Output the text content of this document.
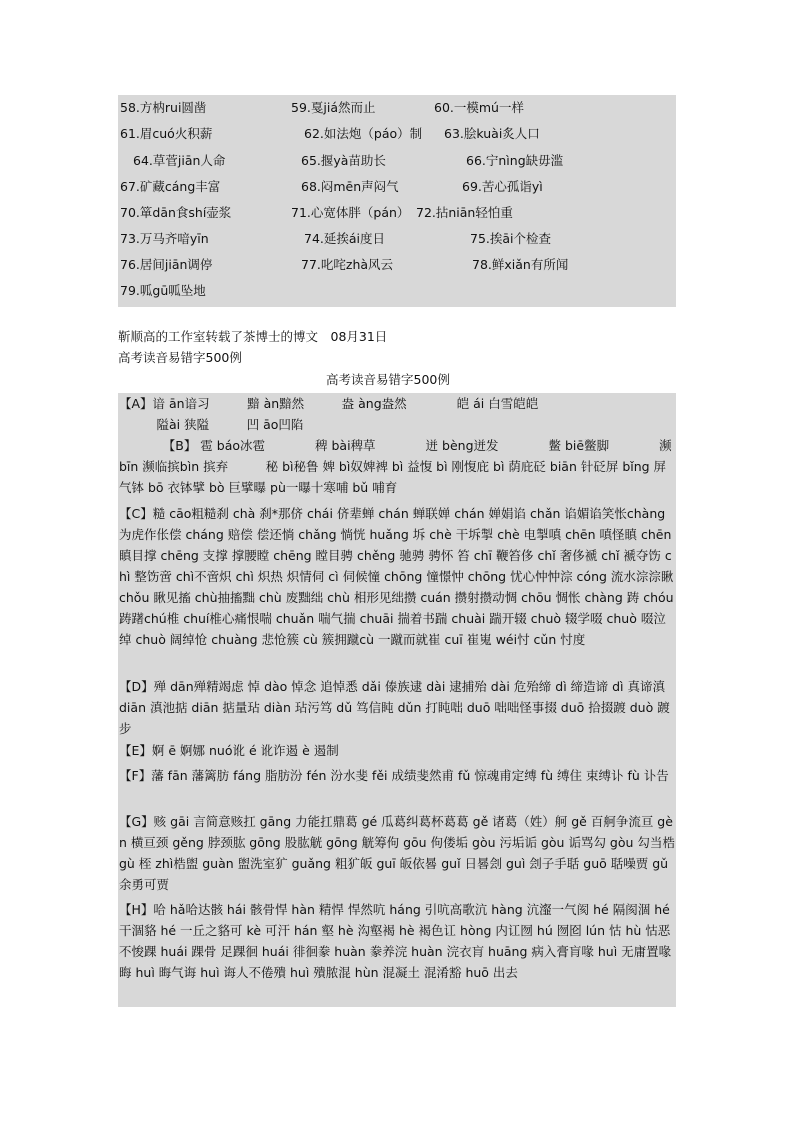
58.方枘rui圆凿	59.戛jiá然而止	60.一模mú一样
61.眉cuó火积薪	62.如法炮（páo）制 63.脍kuài炙人口
64.草菅jiān人命	65.揠yà苗助长	66.宁nìng缺毋滥
67.矿藏cáng丰富	68.闷mēn声闷气	69.苦心孤诣yì
70.箪dān食shí壶浆	71.心宽体胖（pán） 72.拈niān轻怕重
73.万马齐喑yīn	74.延挨ái度日	75.挨āi个检查
76.居间jiān调停	77.叱咤zhà风云	78.鲜xiǎn有所闻
79.呱gū呱坠地
靳顺高的工作室转载了茶博士的博文　08月31日
高考读音易错字500例
高考读音易错字500例
【A】谙 ān谙习　　　黯 àn黯然　　　盎 àng盎然　　　　皑 ái 白雪皑皑
　　　隘ài 狭隘　　　凹 āo凹陷
　　　　【B】 雹 báo冰雹　　　　稗 bài稗草　　　　迸 bèng迸发　　　　鳖 biē鳖脚　　　　濒 bīn 濒临摈bìn 摈弃　　　秘 bì秘鲁 婢 bì奴婢裨 bì 益愎 bì 刚愎庇 bì 荫庇砭 biān 针砭屏 bǐng 屏气钵 bō 衣钵擘 bò 巨擘曝 pù一曝十寒哺 bǔ 哺育
【C】糙 cāo粗糙刹 chà 刹*那侪 chái 侪辈蝉 chán 蝉联婵 chán 婵娟谄 chǎn 谄媚谄笑怅chàng 为虎作伥偿 cháng 赔偿 偿还惝 chǎng 惝恍 huǎng 坼 chè 干坼掣 chè 电掣嗔 chēn 嗔怪瞋 chēn 瞋目撑 chēng 支撑 撑腰瞠 chēng 瞠目骋 chěng 驰骋 骋怀 笞 chī 鞭笞侈 chǐ 奢侈褫 chǐ 褫夺饬 chì 整饬啻 chì不啻炽 chì 炽热 炽情伺 cì 伺候憧 chōng 憧憬忡 chōng 忧心忡忡淙 cóng 流水淙淙瞅 chǒu 瞅见搐 chù抽搐黜 chù 废黜绌 chù 相形见绌攒 cuán 攒射攒动惆 chōu 惆怅 chàng 踌 chóu 踌躇chú椎 chuí椎心痛恨喘 chuǎn 喘气揣 chuāi 揣着书踹 chuài 踹开辍 chuò 辍学啜 chuò 啜泣绰 chuò 阔绰怆 chuàng 悲怆簇 cù 簇拥蹴cù 一蹴而就崔 cuī 崔嵬 wéi忖 cǔn 忖度
【D】殚 dān殚精竭虑 悼 dào 悼念 追悼悉 dǎi 傣族逮 dài 逮捕殆 dài 危殆缔 dì 缔造谛 dì 真谛滇 diān 滇池掂 diān 掂量玷 diàn 玷污笃 dǔ 笃信盹 dǔn 打盹咄 duō 咄咄怪事掇 duō 拾掇踱 duò 踱步
【E】婀 ē 婀娜 nuó讹 é 讹诈遏 è 遏制
【F】藩 fān 藩篱肪 fáng 脂肪汾 fén 汾水斐 fěi 成绩斐然甫 fǔ 惊魂甫定缚 fù 缚住 束缚讣 fù 讣告
【G】赅 gāi 言简意赅扛 gāng 力能扛鼎葛 gé 瓜葛纠葛杯葛葛 gě 诸葛（姓）舸 gě 百舸争流亘 gèn 横亘颈 gěng 脖颈肱 gōng 股肱觥 gōng 觥筹佝 gōu 佝偻垢 gòu 污垢诟 gòu 诟骂勾 gòu 勾当梏 gù 桎 zhì梏盥 guàn 盥洗室犷 guǎng 粗犷皈 guī 皈依晷 guǐ 日晷刽 guì 刽子手聒 guō 聒噪贾 gǔ 余勇可贾
【H】哈 hǎ哈达骸 hái 骸骨悍 hàn 精悍 悍然吭 háng 引吭高歌沆 hàng 沆瀣一气阂 hé 隔阂涸 hé 干涸貉 hé 一丘之貉可 kè 可汗 hán 壑 hè 沟壑褐 hè 褐色讧 hòng 内讧囫 hú 囫囵 lún 怙 hù 怙恶不悛踝 huái 踝骨 足踝徊 huái 徘徊豢 huàn 豢养浣 huàn 浣衣肓 huāng 病入膏肓喙 huì 无庸置喙晦 huì 晦气诲 huì 诲人不倦殨 huì 殨脓混 hùn 混凝土 混淆豁 huō 出去
